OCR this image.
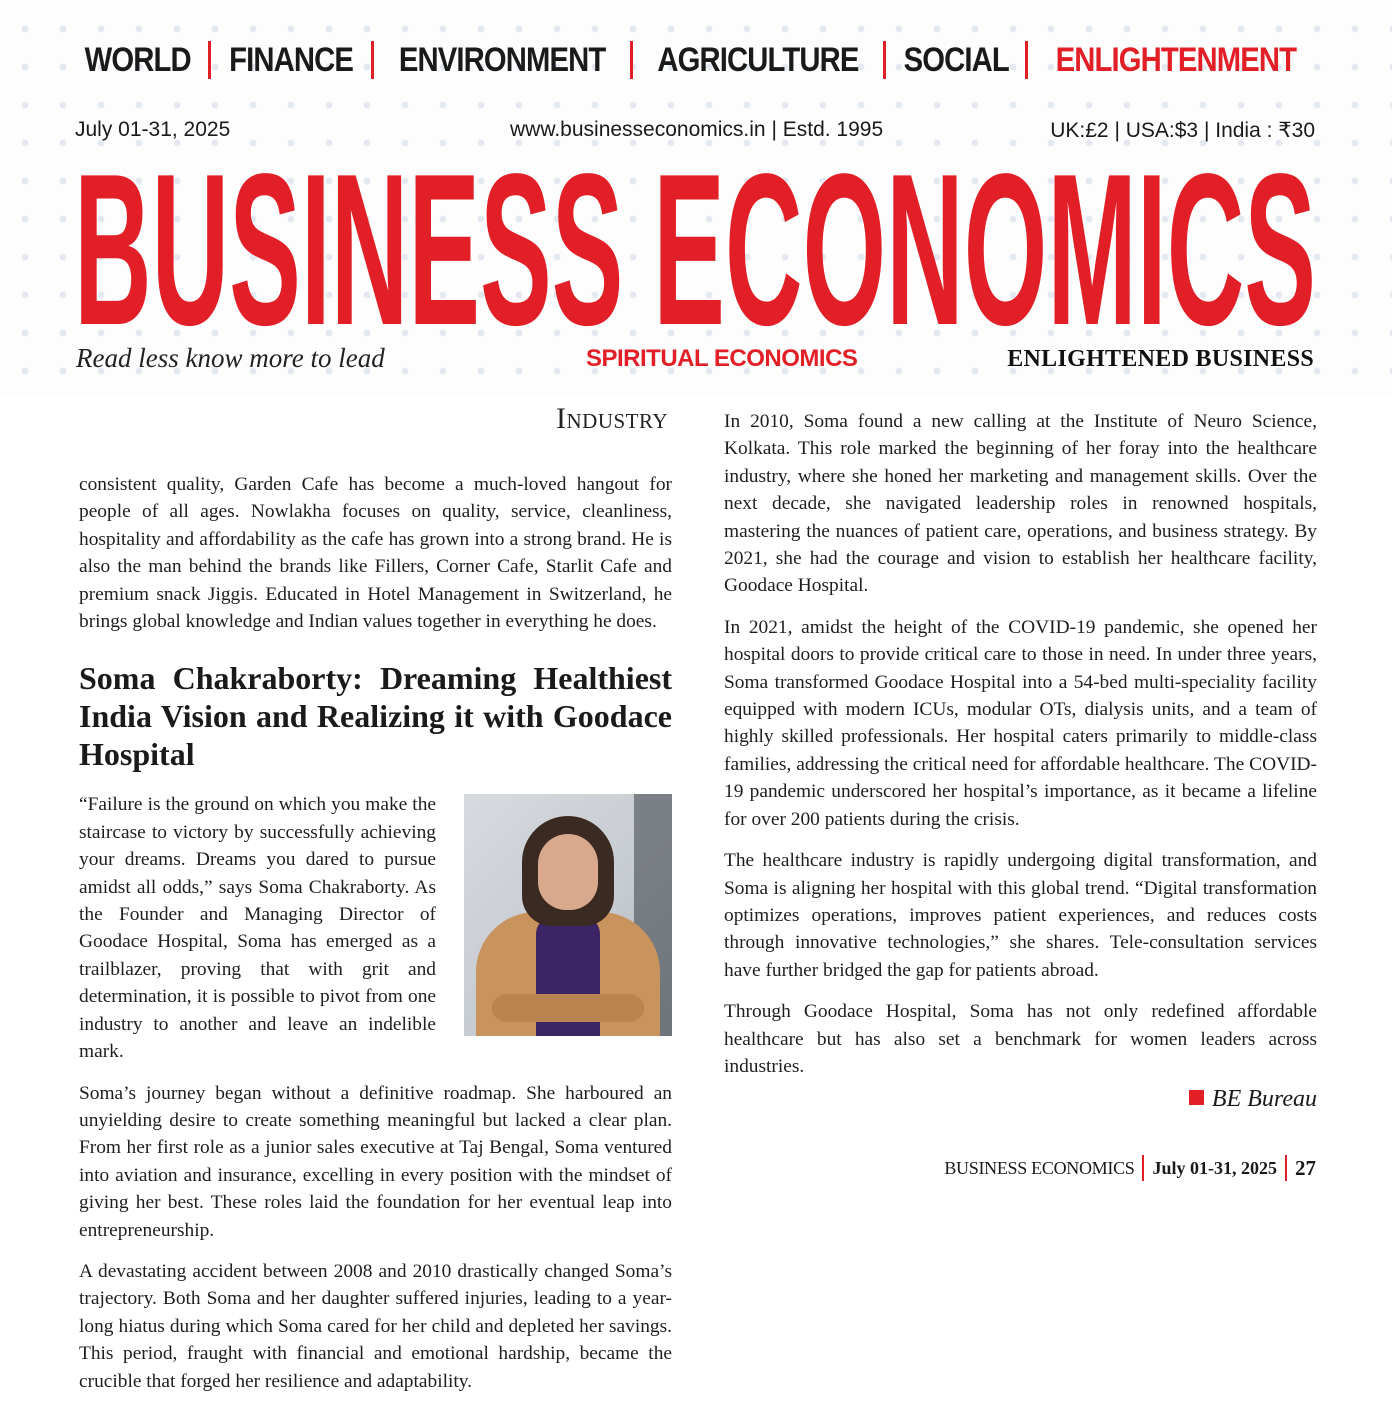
WORLD FINANCE ENVIRONMENT AGRICULTURE SOCIAL ENLIGHTENMENT
July 01-31, 2025	www.businesseconomics.in | Estd. 1995	UK:£2 | USA:$3 | India : ₹30
BUSINESS ECONOMICS
Read less know more to lead	SPIRITUAL ECONOMICS	ENLIGHTENED BUSINESS
Industry

consistent quality, Garden Cafe has become a much-loved hangout for people of all ages. Nowlakha focuses on quality, service, cleanliness, hospitality and affordability as the cafe has grown into a strong brand. He is also the man behind the brands like Fillers, Corner Cafe, Starlit Cafe and premium snack Jiggis. Educated in Hotel Management in Switzerland, he brings global knowledge and Indian values together in everything he does.

Soma Chakraborty: Dreaming Healthiest India Vision and Realizing it with Goodace Hospital

“Failure is the ground on which you make the staircase to victory by successfully achieving your dreams. Dreams you dared to pursue amidst all odds,” says Soma Chakraborty. As the Founder and Managing Director of Goodace Hospital, Soma has emerged as a trailblazer, proving that with grit and determination, it is possible to pivot from one industry to another and leave an indelible mark.

Soma’s journey began without a definitive roadmap. She harboured an unyielding desire to create something meaningful but lacked a clear plan. From her first role as a junior sales executive at Taj Bengal, Soma ventured into aviation and insurance, excelling in every position with the mindset of giving her best. These roles laid the foundation for her eventual leap into entrepreneurship.

A devastating accident between 2008 and 2010 drastically changed Soma’s trajectory. Both Soma and her daughter suffered injuries, leading to a year-long hiatus during which Soma cared for her child and depleted her savings. This period, fraught with financial and emotional hardship, became the crucible that forged her resilience and adaptability.

In 2010, Soma found a new calling at the Institute of Neuro Science, Kolkata. This role marked the beginning of her foray into the healthcare industry, where she honed her marketing and management skills. Over the next decade, she navigated leadership roles in renowned hospitals, mastering the nuances of patient care, operations, and business strategy. By 2021, she had the courage and vision to establish her healthcare facility, Goodace Hospital.

In 2021, amidst the height of the COVID-19 pandemic, she opened her hospital doors to provide critical care to those in need. In under three years, Soma transformed Goodace Hospital into a 54-bed multi-speciality facility equipped with modern ICUs, modular OTs, dialysis units, and a team of highly skilled professionals. Her hospital caters primarily to middle-class families, addressing the critical need for affordable healthcare. The COVID-19 pandemic underscored her hospital’s importance, as it became a lifeline for over 200 patients during the crisis.

The healthcare industry is rapidly undergoing digital transformation, and Soma is aligning her hospital with this global trend. “Digital transformation optimizes operations, improves patient experiences, and reduces costs through innovative technologies,” she shares. Tele-consultation services have further bridged the gap for patients abroad.

Through Goodace Hospital, Soma has not only redefined affordable healthcare but has also set a benchmark for women leaders across industries.

BE Bureau
BUSINESS ECONOMICS July 01-31, 2025 27
